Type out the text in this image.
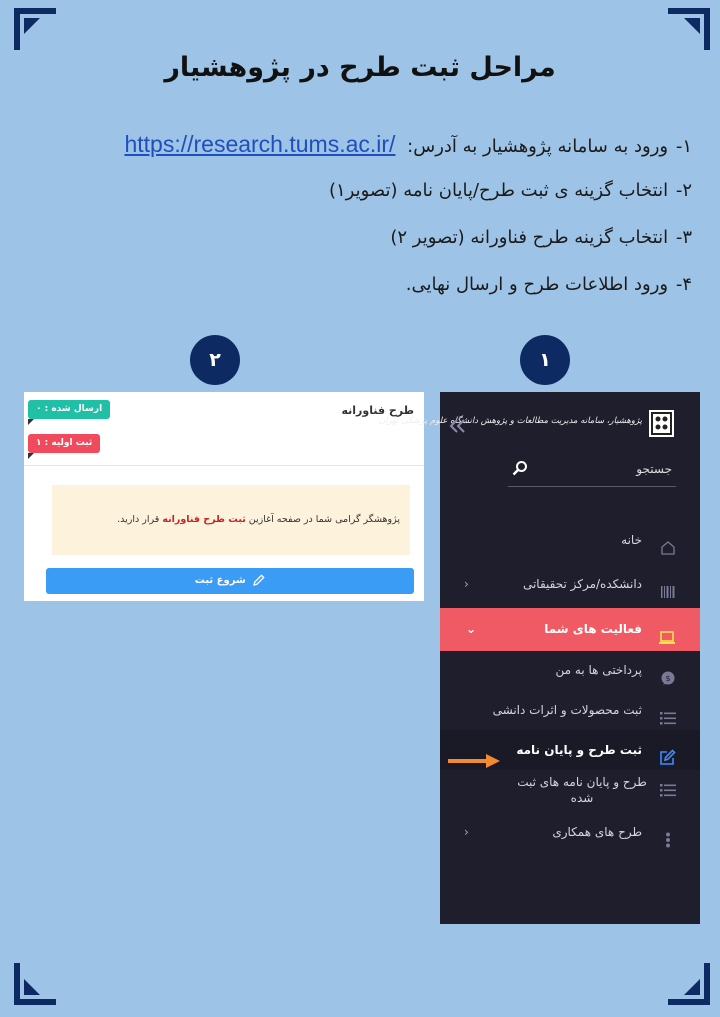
مراحل ثبت طرح در پژوهشیار
۱- ورود به سامانه پژوهشیار به آدرس: https://research.tums.ac.ir/
۲- انتخاب گزینه ی ثبت طرح/پایان نامه (تصویر۱)
۳- انتخاب گزینه طرح فناورانه (تصویر ۲)
۴- ورود اطلاعات طرح و ارسال نهایی.
۲	۱
طرح فناورانه
ارسال شده : ۰
ثبت اولیه : ۱
پژوهشگر گرامی شما در صفحه آغازین ثبت طرح فناورانه قرار دارید.
شروع ثبت
پژوهشیار، سامانه مدیریت مطالعات و پژوهش دانشگاه علوم پزشکی تهران
جستجو
خانه
دانشکده/مرکز تحقیقاتی
‹
فعالیت های شما
⌄
$
پرداختی ها به من
ثبت محصولات و اثرات دانشی
ثبت طرح و پایان نامه
طرح و پایان نامه های ثبت شده
طرح های همکاری
‹
